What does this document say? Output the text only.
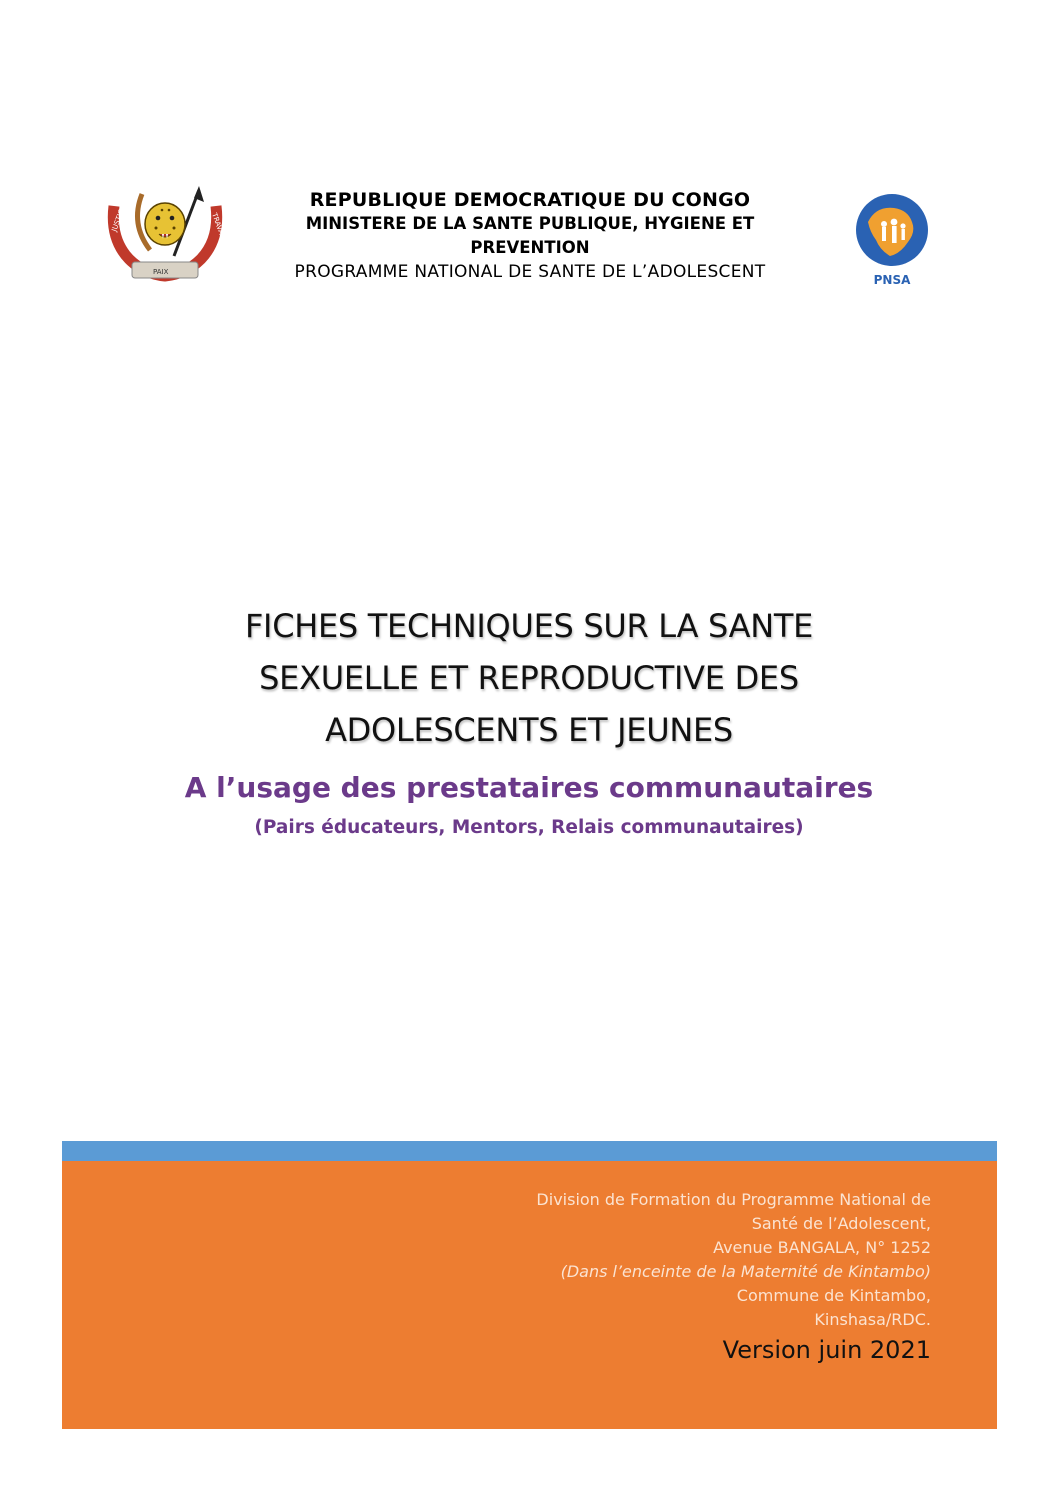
JUSTICE	TRAVAIL
PAIX
REPUBLIQUE DEMOCRATIQUE DU CONGO
MINISTERE DE LA SANTE PUBLIQUE, HYGIENE ET
PREVENTION
PROGRAMME NATIONAL DE SANTE DE L’ADOLESCENT	PNSA
FICHES TECHNIQUES SUR LA SANTE
SEXUELLE ET REPRODUCTIVE DES
ADOLESCENTS ET JEUNES
A l’usage des prestataires communautaires
(Pairs éducateurs, Mentors, Relais communautaires)
Division de Formation du Programme National de
Santé de l’Adolescent,
Avenue BANGALA, N° 1252
(Dans l’enceinte de la Maternité de Kintambo)
Commune de Kintambo,
Kinshasa/RDC.
Version juin 2021
